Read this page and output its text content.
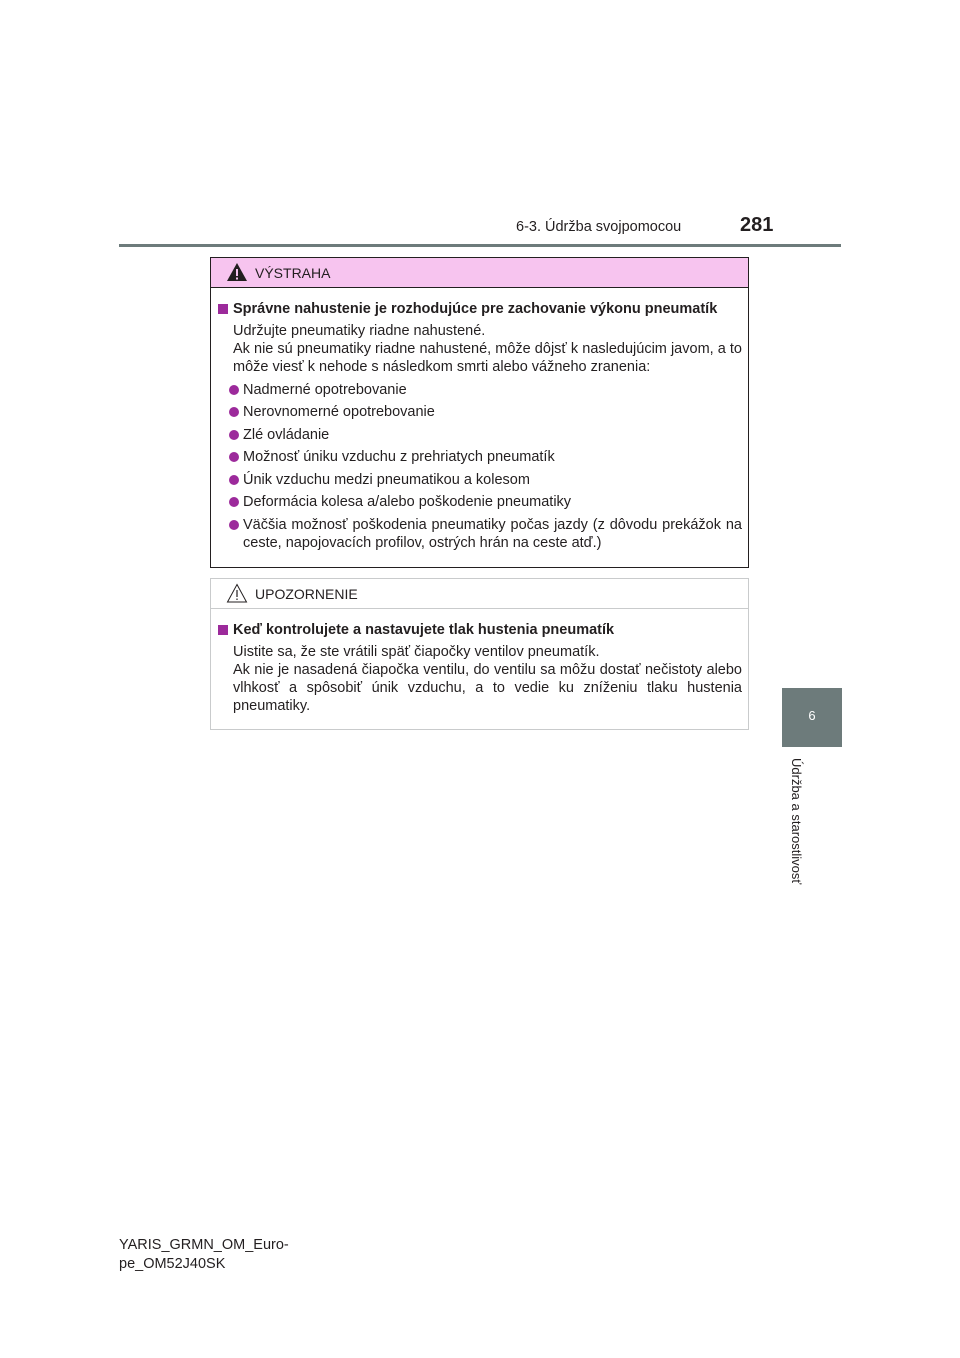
6-3. Údržba svojpomocou	281
6
Údržba a starostlivosť
VÝSTRAHA
Správne nahustenie je rozhodujúce pre zachovanie výkonu pneumatík
Udržujte pneumatiky riadne nahustené.
Ak nie sú pneumatiky riadne nahustené, môže dôjsť k nasledujúcim javom, a to môže viesť k nehode s následkom smrti alebo vážneho zranenia:
Nadmerné opotrebovanie
Nerovnomerné opotrebovanie
Zlé ovládanie
Možnosť úniku vzduchu z prehriatych pneumatík
Únik vzduchu medzi pneumatikou a kolesom
Deformácia kolesa a/alebo poškodenie pneumatiky
Väčšia možnosť poškodenia pneumatiky počas jazdy (z dôvodu prekážok na ceste, napojovacích profilov, ostrých hrán na ceste atď.)
UPOZORNENIE
Keď kontrolujete a nastavujete tlak hustenia pneumatík
Uistite sa, že ste vrátili späť čiapočky ventilov pneumatík.
Ak nie je nasadená čiapočka ventilu, do ventilu sa môžu dostať nečistoty alebo vlhkosť a spôsobiť únik vzduchu, a to vedie ku zníženiu tlaku hustenia pneumatiky.
YARIS_GRMN_OM_Euro-
pe_OM52J40SK
